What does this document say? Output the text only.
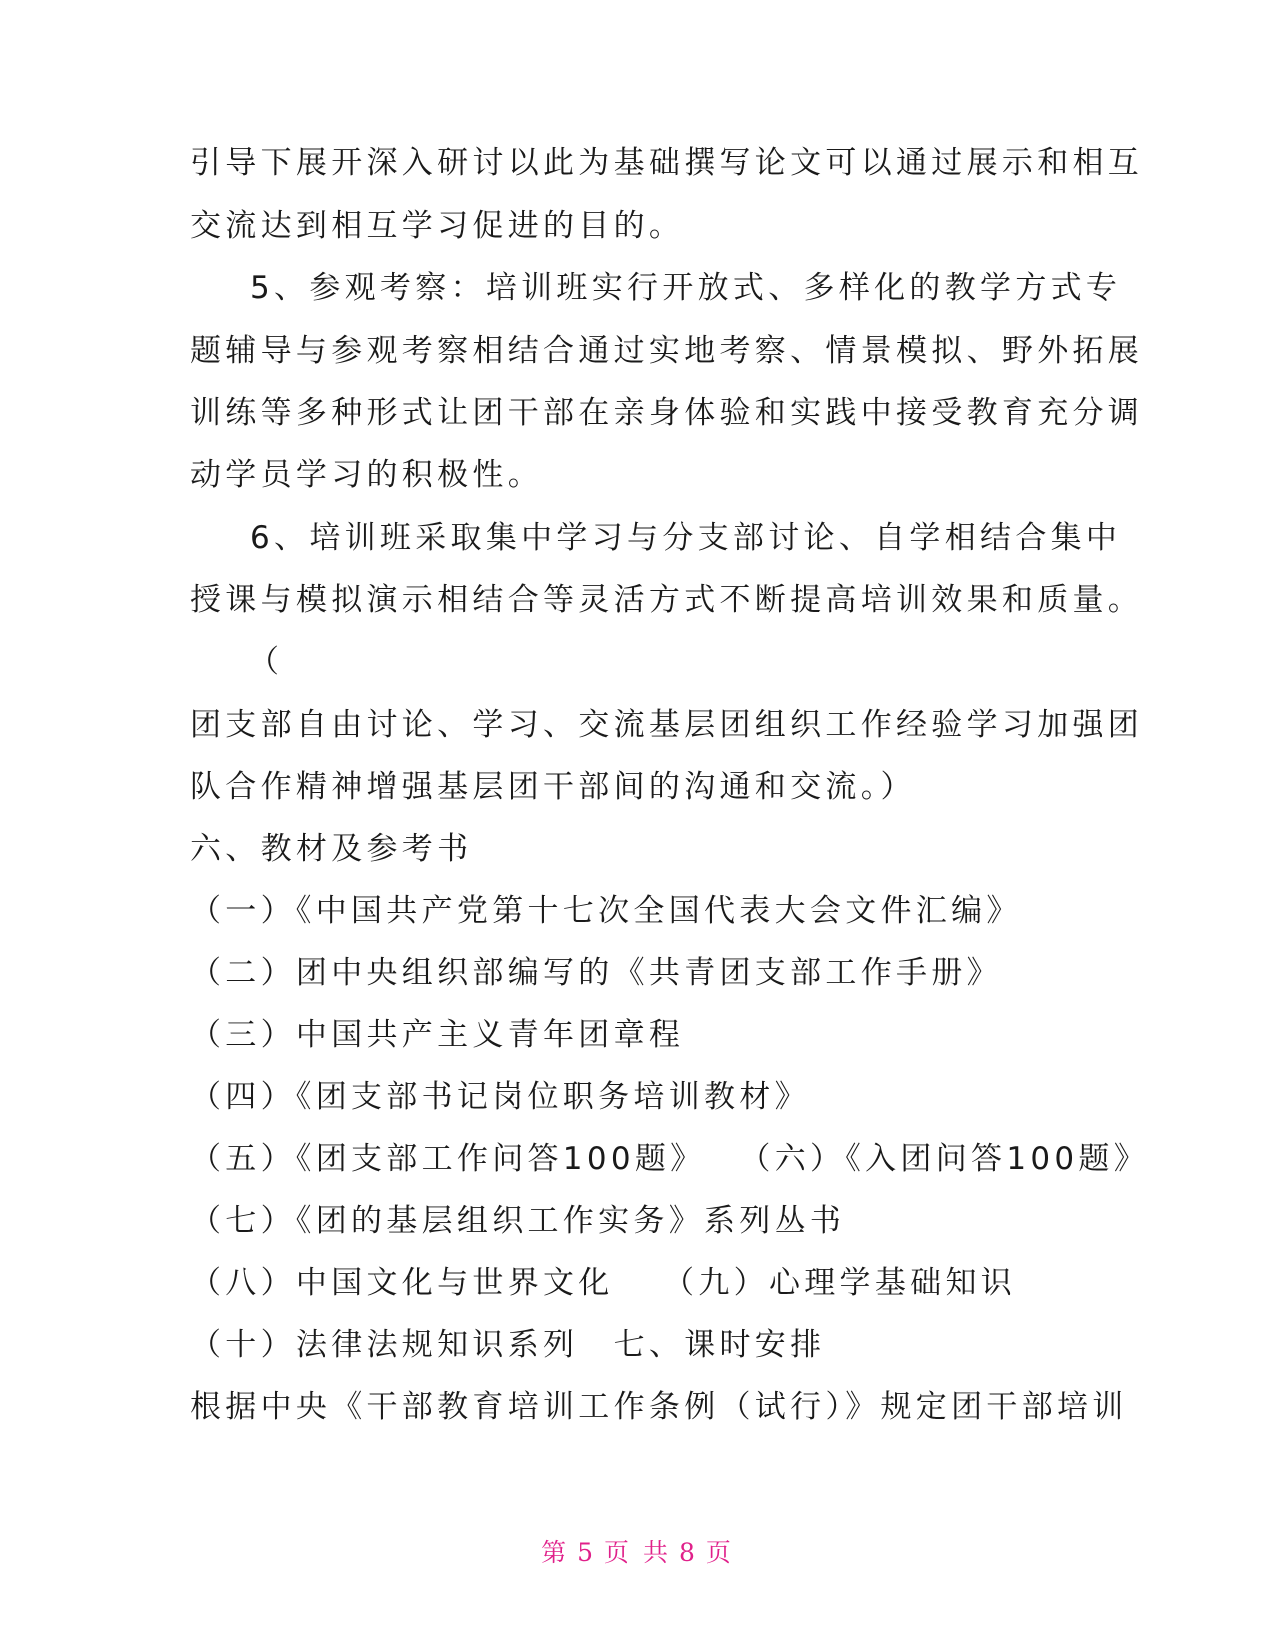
引导下展开深入研讨以此为基础撰写论文可以通过展示和相互
交流达到相互学习促进的目的。
5、参观考察：培训班实行开放式、多样化的教学方式专
题辅导与参观考察相结合通过实地考察、情景模拟、野外拓展
训练等多种形式让团干部在亲身体验和实践中接受教育充分调
动学员学习的积极性。
6、培训班采取集中学习与分支部讨论、自学相结合集中
授课与模拟演示相结合等灵活方式不断提高培训效果和质量。
（
团支部自由讨论、学习、交流基层团组织工作经验学习加强团
队合作精神增强基层团干部间的沟通和交流。）
六、教材及参考书
（一）《中国共产党第十七次全国代表大会文件汇编》
（二）团中央组织部编写的《共青团支部工作手册》
（三）中国共产主义青年团章程
（四）《团支部书记岗位职务培训教材》
（五）《团支部工作问答100题》　 （六）《入团问答100题》
（七）《团的基层组织工作实务》系列丛书
（八）中国文化与世界文化　 （九）心理学基础知识
（十）法律法规知识系列　七、课时安排
根据中央《干部教育培训工作条例（试行）》规定团干部培训
第 5 页 共 8 页
